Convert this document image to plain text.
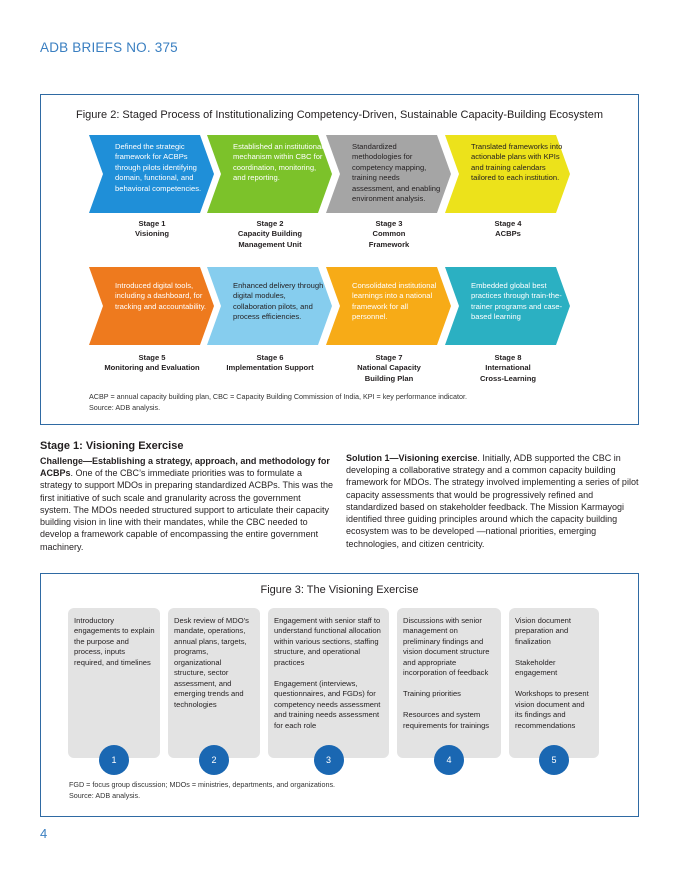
ADB BRIEFS NO. 375
Figure 2: Staged Process of Institutionalizing Competency-Driven, Sustainable Capacity-Building Ecosystem
Defined the strategic framework for ACBPs through pilots identifying domain, functional, and behavioral competencies.
Stage 1
Visioning
Established an institutional mechanism within CBC for coordination, monitoring, and reporting.
Stage 2
Capacity Building
Management Unit
Standardized methodologies for competency mapping, training needs assessment, and enabling environment analysis.
Stage 3
Common
Framework
Translated frameworks into actionable plans with KPIs and training calendars tailored to each institution.
Stage 4
ACBPs
Introduced digital tools, including a dashboard, for tracking and accountability.
Stage 5
Monitoring and Evaluation
Enhanced delivery through digital modules, collaboration pilots, and process efficiencies.
Stage 6
Implementation Support
Consolidated institutional learnings into a national framework for all personnel.
Stage 7
National Capacity
Building Plan
Embedded global best practices through train-the-trainer programs and case-based learning
Stage 8
International
Cross-Learning
ACBP = annual capacity building plan, CBC = Capacity Building Commission of India, KPI = key performance indicator.
Source: ADB analysis.
Stage 1: Visioning Exercise
Challenge—Establishing a strategy, approach, and methodology for ACBPs. One of the CBC’s immediate priorities was to formulate a strategy to support MDOs in preparing standardized ACBPs. This was the first initiative of such scale and granularity across the government system. The MDOs needed structured support to articulate their capacity building vision in line with their mandates, while the CBC needed to develop a framework capable of encompassing the entire government machinery.
Solution 1—Visioning exercise. Initially, ADB supported the CBC in developing a collaborative strategy and a common capacity building framework for MDOs. The strategy involved implementing a series of pilot capacity assessments that would be progressively refined and standardized based on stakeholder feedback. The Mission Karmayogi identified three guiding principles around which the capacity building ecosystem was to be developed —national priorities, emerging technologies, and citizen centricity.
Figure 3: The Visioning Exercise
Introductory engagements to explain the purpose and process, inputs required, and timelines
1
Desk review of MDO’s mandate, operations, annual plans, targets, programs, organizational structure, sector assessment, and emerging trends and technologies
2
Engagement with senior staff to understand functional allocation within various sections, staffing structure, and operational practices

Engagement (interviews, questionnaires, and FGDs) for competency needs assessment and training needs assessment for each role
3
Discussions with senior management on preliminary findings and vision document structure and appropriate incorporation of feedback

Training priorities

Resources and system requirements for trainings
4
Vision document preparation and finalization

Stakeholder engagement

Workshops to present vision document and its findings and recommendations
5
FGD = focus group discussion; MDOs = ministries, departments, and organizations.
Source: ADB analysis.
4
